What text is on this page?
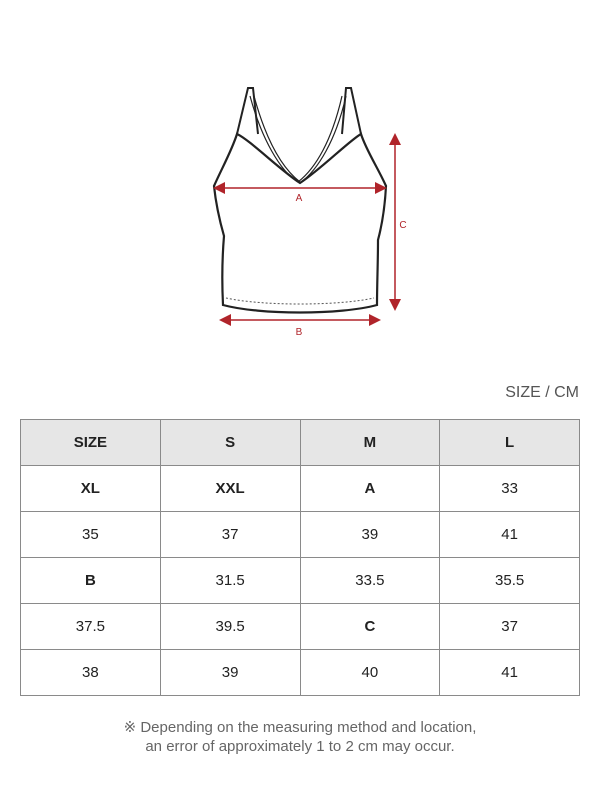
A
B
C
SIZE / CM
SIZE	S	M	L
XL	XXL	A	33
35	37	39	41
B	31.5	33.5	35.5
37.5	39.5	C	37
38	39	40	41
※ Depending on the measuring method and location,
an error of approximately 1 to 2 cm may occur.
